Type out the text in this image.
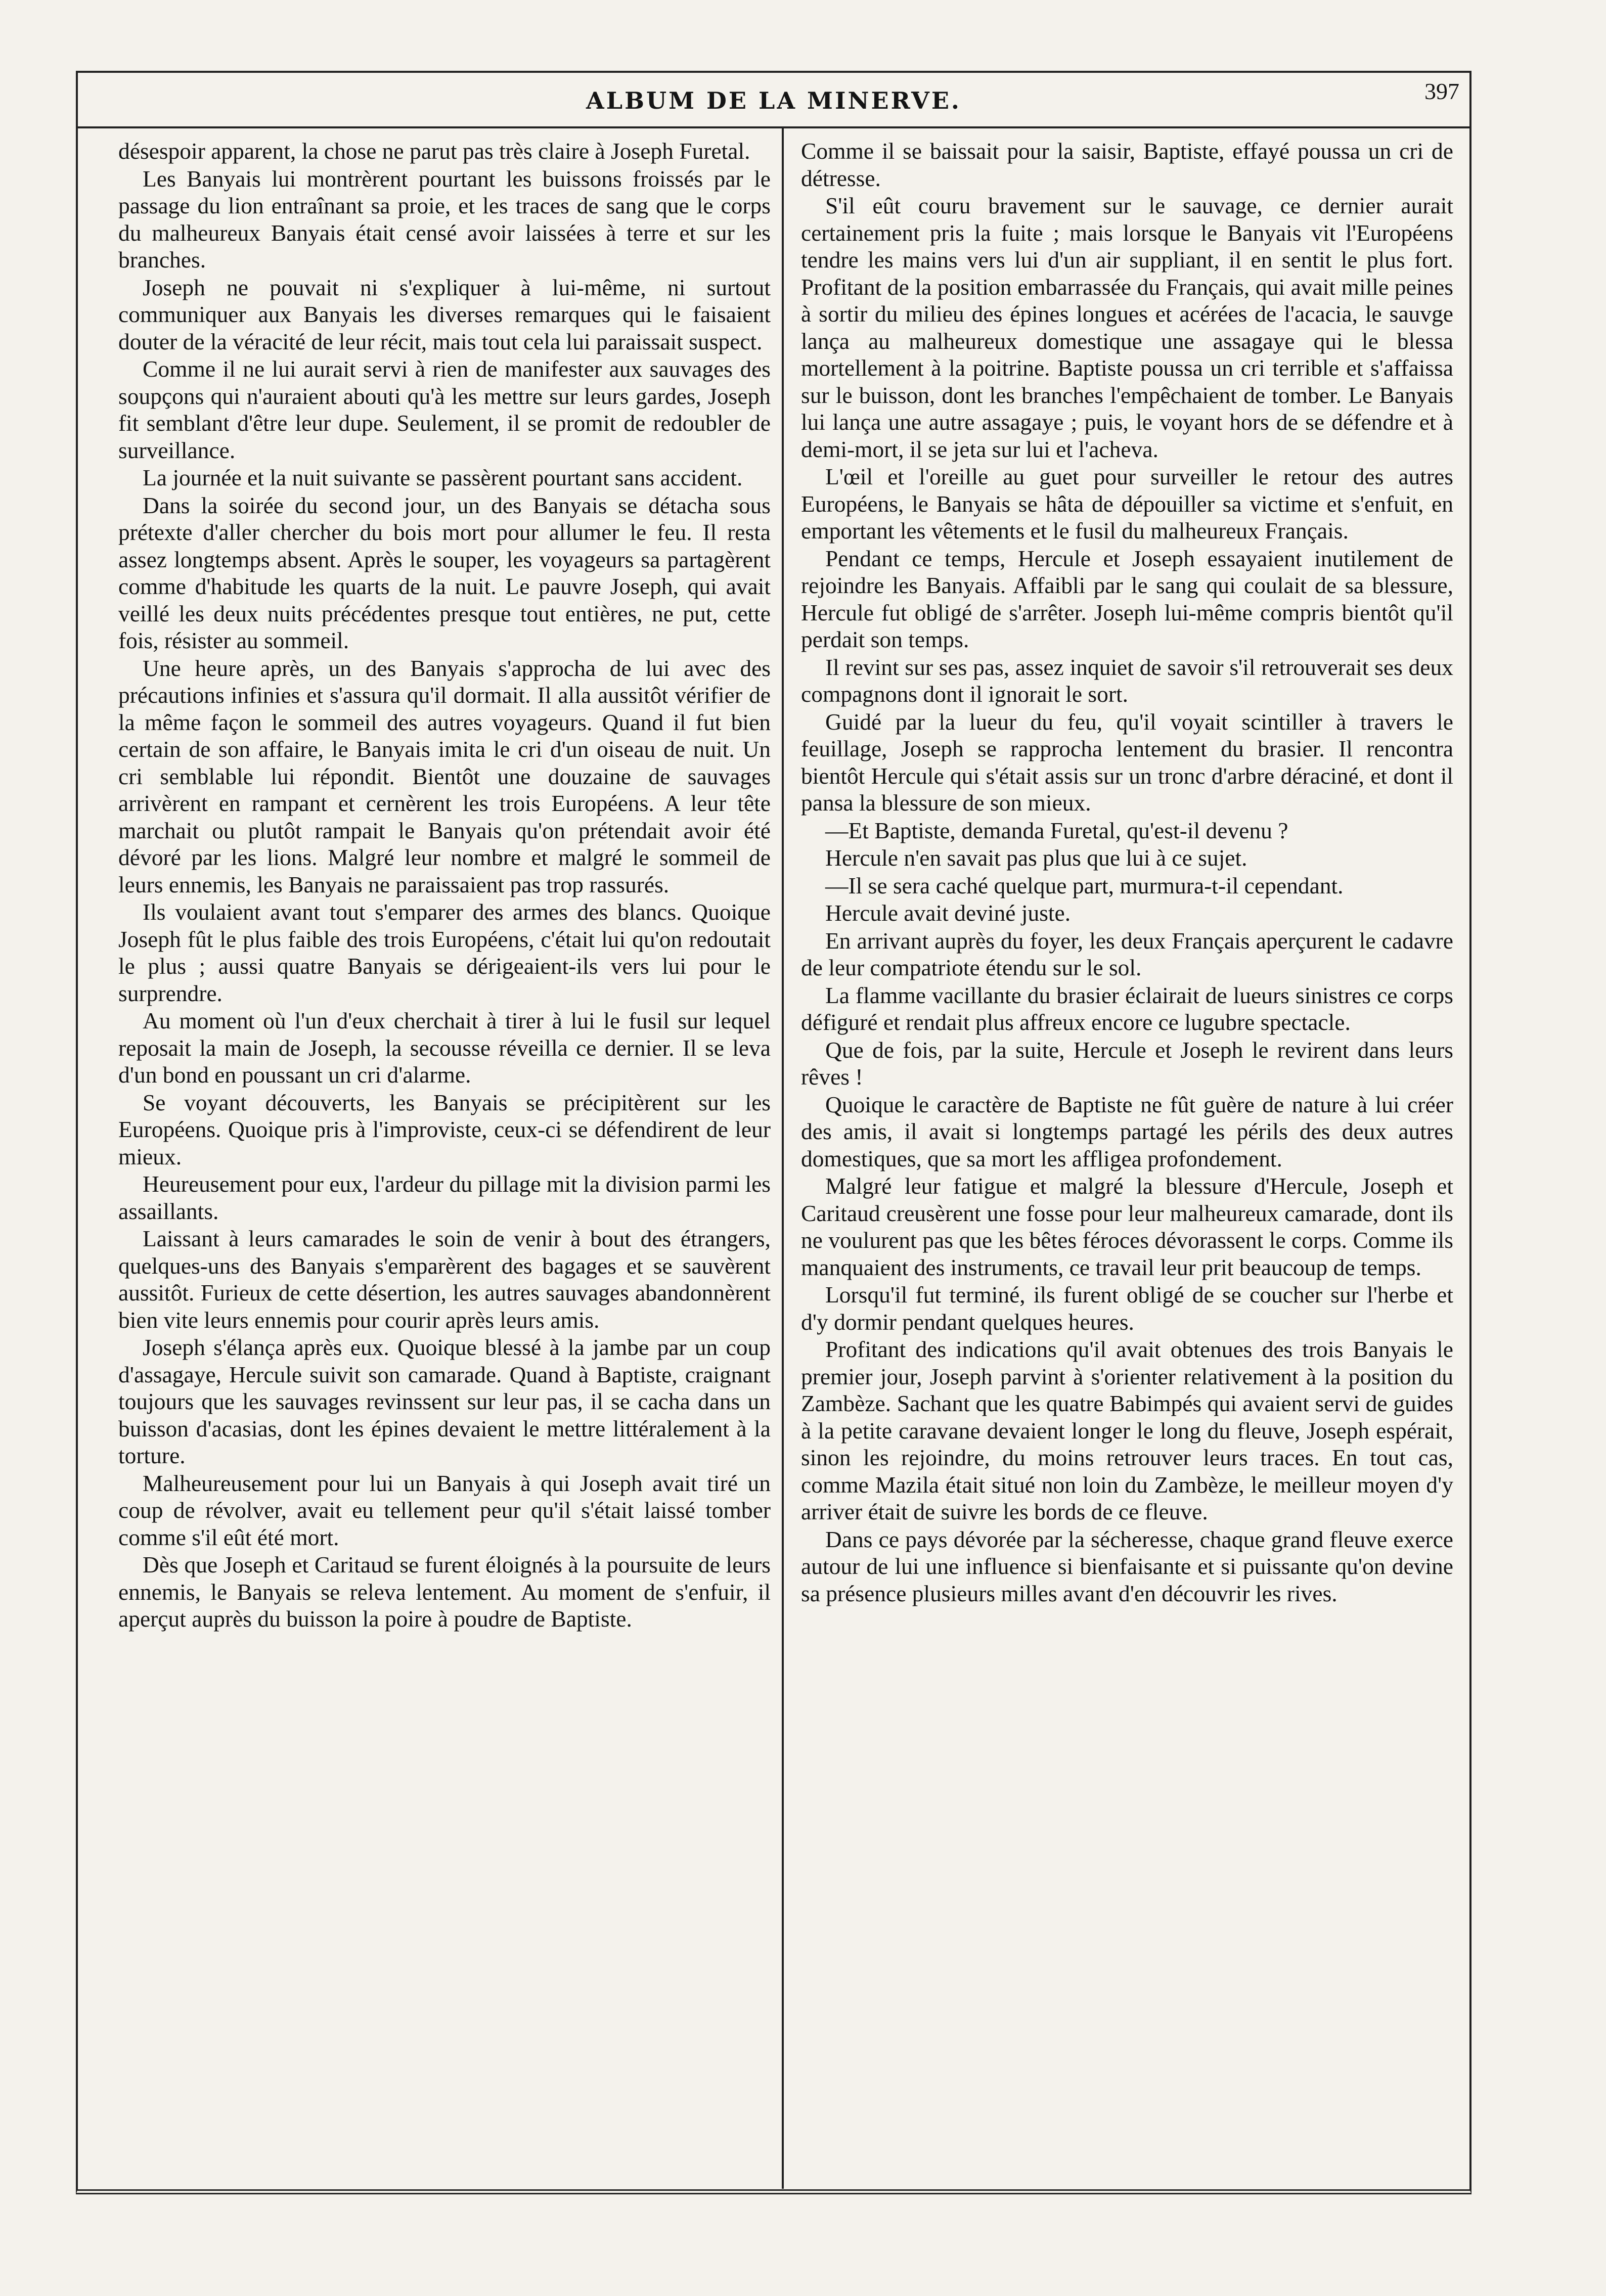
ALBUM DE LA MINERVE.	397

désespoir apparent, la chose ne parut pas très claire à Joseph Furetal.

Les Banyais lui montrèrent pourtant les buissons froissés par le passage du lion entraînant sa proie, et les traces de sang que le corps du malheureux Banyais était censé avoir laissées à terre et sur les branches.

Joseph ne pouvait ni s'expliquer à lui-même, ni surtout communiquer aux Banyais les diverses remarques qui le faisaient douter de la véracité de leur récit, mais tout cela lui paraissait suspect.

Comme il ne lui aurait servi à rien de manifester aux sauvages des soupçons qui n'auraient abouti qu'à les mettre sur leurs gardes, Joseph fit semblant d'être leur dupe. Seulement, il se promit de redoubler de surveillance.

La journée et la nuit suivante se passèrent pourtant sans accident.

Dans la soirée du second jour, un des Banyais se détacha sous prétexte d'aller chercher du bois mort pour allumer le feu. Il resta assez longtemps absent. Après le souper, les voyageurs sa partagèrent comme d'habitude les quarts de la nuit. Le pauvre Joseph, qui avait veillé les deux nuits précédentes presque tout entières, ne put, cette fois, résister au sommeil.

Une heure après, un des Banyais s'approcha de lui avec des précautions infinies et s'assura qu'il dormait. Il alla aussitôt vérifier de la même façon le sommeil des autres voyageurs. Quand il fut bien certain de son affaire, le Banyais imita le cri d'un oiseau de nuit. Un cri semblable lui répondit. Bientôt une douzaine de sauvages arrivèrent en rampant et cernèrent les trois Européens. A leur tête marchait ou plutôt rampait le Banyais qu'on prétendait avoir été dévoré par les lions. Malgré leur nombre et malgré le sommeil de leurs ennemis, les Banyais ne paraissaient pas trop rassurés.

Ils voulaient avant tout s'emparer des armes des blancs. Quoique Joseph fût le plus faible des trois Européens, c'était lui qu'on redoutait le plus ; aussi quatre Banyais se dérigeaient-ils vers lui pour le surprendre.

Au moment où l'un d'eux cherchait à tirer à lui le fusil sur lequel reposait la main de Joseph, la secousse réveilla ce dernier. Il se leva d'un bond en poussant un cri d'alarme.

Se voyant découverts, les Banyais se précipitèrent sur les Européens. Quoique pris à l'improviste, ceux-ci se défendirent de leur mieux.

Heureusement pour eux, l'ardeur du pillage mit la division parmi les assaillants.

Laissant à leurs camarades le soin de venir à bout des étrangers, quelques-uns des Banyais s'emparèrent des bagages et se sauvèrent aussitôt. Furieux de cette désertion, les autres sauvages abandonnèrent bien vite leurs ennemis pour courir après leurs amis.

Joseph s'élança après eux. Quoique blessé à la jambe par un coup d'assagaye, Hercule suivit son camarade. Quand à Baptiste, craignant toujours que les sauvages revinssent sur leur pas, il se cacha dans un buisson d'acasias, dont les épines devaient le mettre littéralement à la torture.

Malheureusement pour lui un Banyais à qui Joseph avait tiré un coup de révolver, avait eu tellement peur qu'il s'était laissé tomber comme s'il eût été mort.

Dès que Joseph et Caritaud se furent éloignés à la poursuite de leurs ennemis, le Banyais se releva lentement. Au moment de s'enfuir, il aperçut auprès du buisson la poire à poudre de Baptiste.

Comme il se baissait pour la saisir, Baptiste, effayé poussa un cri de détresse.

S'il eût couru bravement sur le sauvage, ce dernier aurait certainement pris la fuite ; mais lorsque le Banyais vit l'Européens tendre les mains vers lui d'un air suppliant, il en sentit le plus fort. Profitant de la position embarrassée du Français, qui avait mille peines à sortir du milieu des épines longues et acérées de l'acacia, le sauvge lança au malheureux domestique une assagaye qui le blessa mortellement à la poitrine. Baptiste poussa un cri terrible et s'affaissa sur le buisson, dont les branches l'empêchaient de tomber. Le Banyais lui lança une autre assagaye ; puis, le voyant hors de se défendre et à demi-mort, il se jeta sur lui et l'acheva.

L'œil et l'oreille au guet pour surveiller le retour des autres Européens, le Banyais se hâta de dépouiller sa victime et s'enfuit, en emportant les vêtements et le fusil du malheureux Français.

Pendant ce temps, Hercule et Joseph essayaient inutilement de rejoindre les Banyais. Affaibli par le sang qui coulait de sa blessure, Hercule fut obligé de s'arrêter. Joseph lui-même compris bientôt qu'il perdait son temps.

Il revint sur ses pas, assez inquiet de savoir s'il retrouverait ses deux compagnons dont il ignorait le sort.

Guidé par la lueur du feu, qu'il voyait scintiller à travers le feuillage, Joseph se rapprocha lentement du brasier. Il rencontra bientôt Hercule qui s'était assis sur un tronc d'arbre déraciné, et dont il pansa la blessure de son mieux.

—Et Baptiste, demanda Furetal, qu'est-il devenu ?

Hercule n'en savait pas plus que lui à ce sujet.

—Il se sera caché quelque part, murmura-t-il cependant.

Hercule avait deviné juste.

En arrivant auprès du foyer, les deux Français aperçurent le cadavre de leur compatriote étendu sur le sol.

La flamme vacillante du brasier éclairait de lueurs sinistres ce corps défiguré et rendait plus affreux encore ce lugubre spectacle.

Que de fois, par la suite, Hercule et Joseph le revirent dans leurs rêves !

Quoique le caractère de Baptiste ne fût guère de nature à lui créer des amis, il avait si longtemps partagé les périls des deux autres domestiques, que sa mort les affligea profondement.

Malgré leur fatigue et malgré la blessure d'Hercule, Joseph et Caritaud creusèrent une fosse pour leur malheureux camarade, dont ils ne voulurent pas que les bêtes féroces dévorassent le corps. Comme ils manquaient des instruments, ce travail leur prit beaucoup de temps.

Lorsqu'il fut terminé, ils furent obligé de se coucher sur l'herbe et d'y dormir pendant quelques heures.

Profitant des indications qu'il avait obtenues des trois Banyais le premier jour, Joseph parvint à s'orienter relativement à la position du Zambèze. Sachant que les quatre Babimpés qui avaient servi de guides à la petite caravane devaient longer le long du fleuve, Joseph espérait, sinon les rejoindre, du moins retrouver leurs traces. En tout cas, comme Mazila était situé non loin du Zambèze, le meilleur moyen d'y arriver était de suivre les bords de ce fleuve.

Dans ce pays dévorée par la sécheresse, chaque grand fleuve exerce autour de lui une influence si bienfaisante et si puissante qu'on devine sa présence plusieurs milles avant d'en découvrir les rives.
